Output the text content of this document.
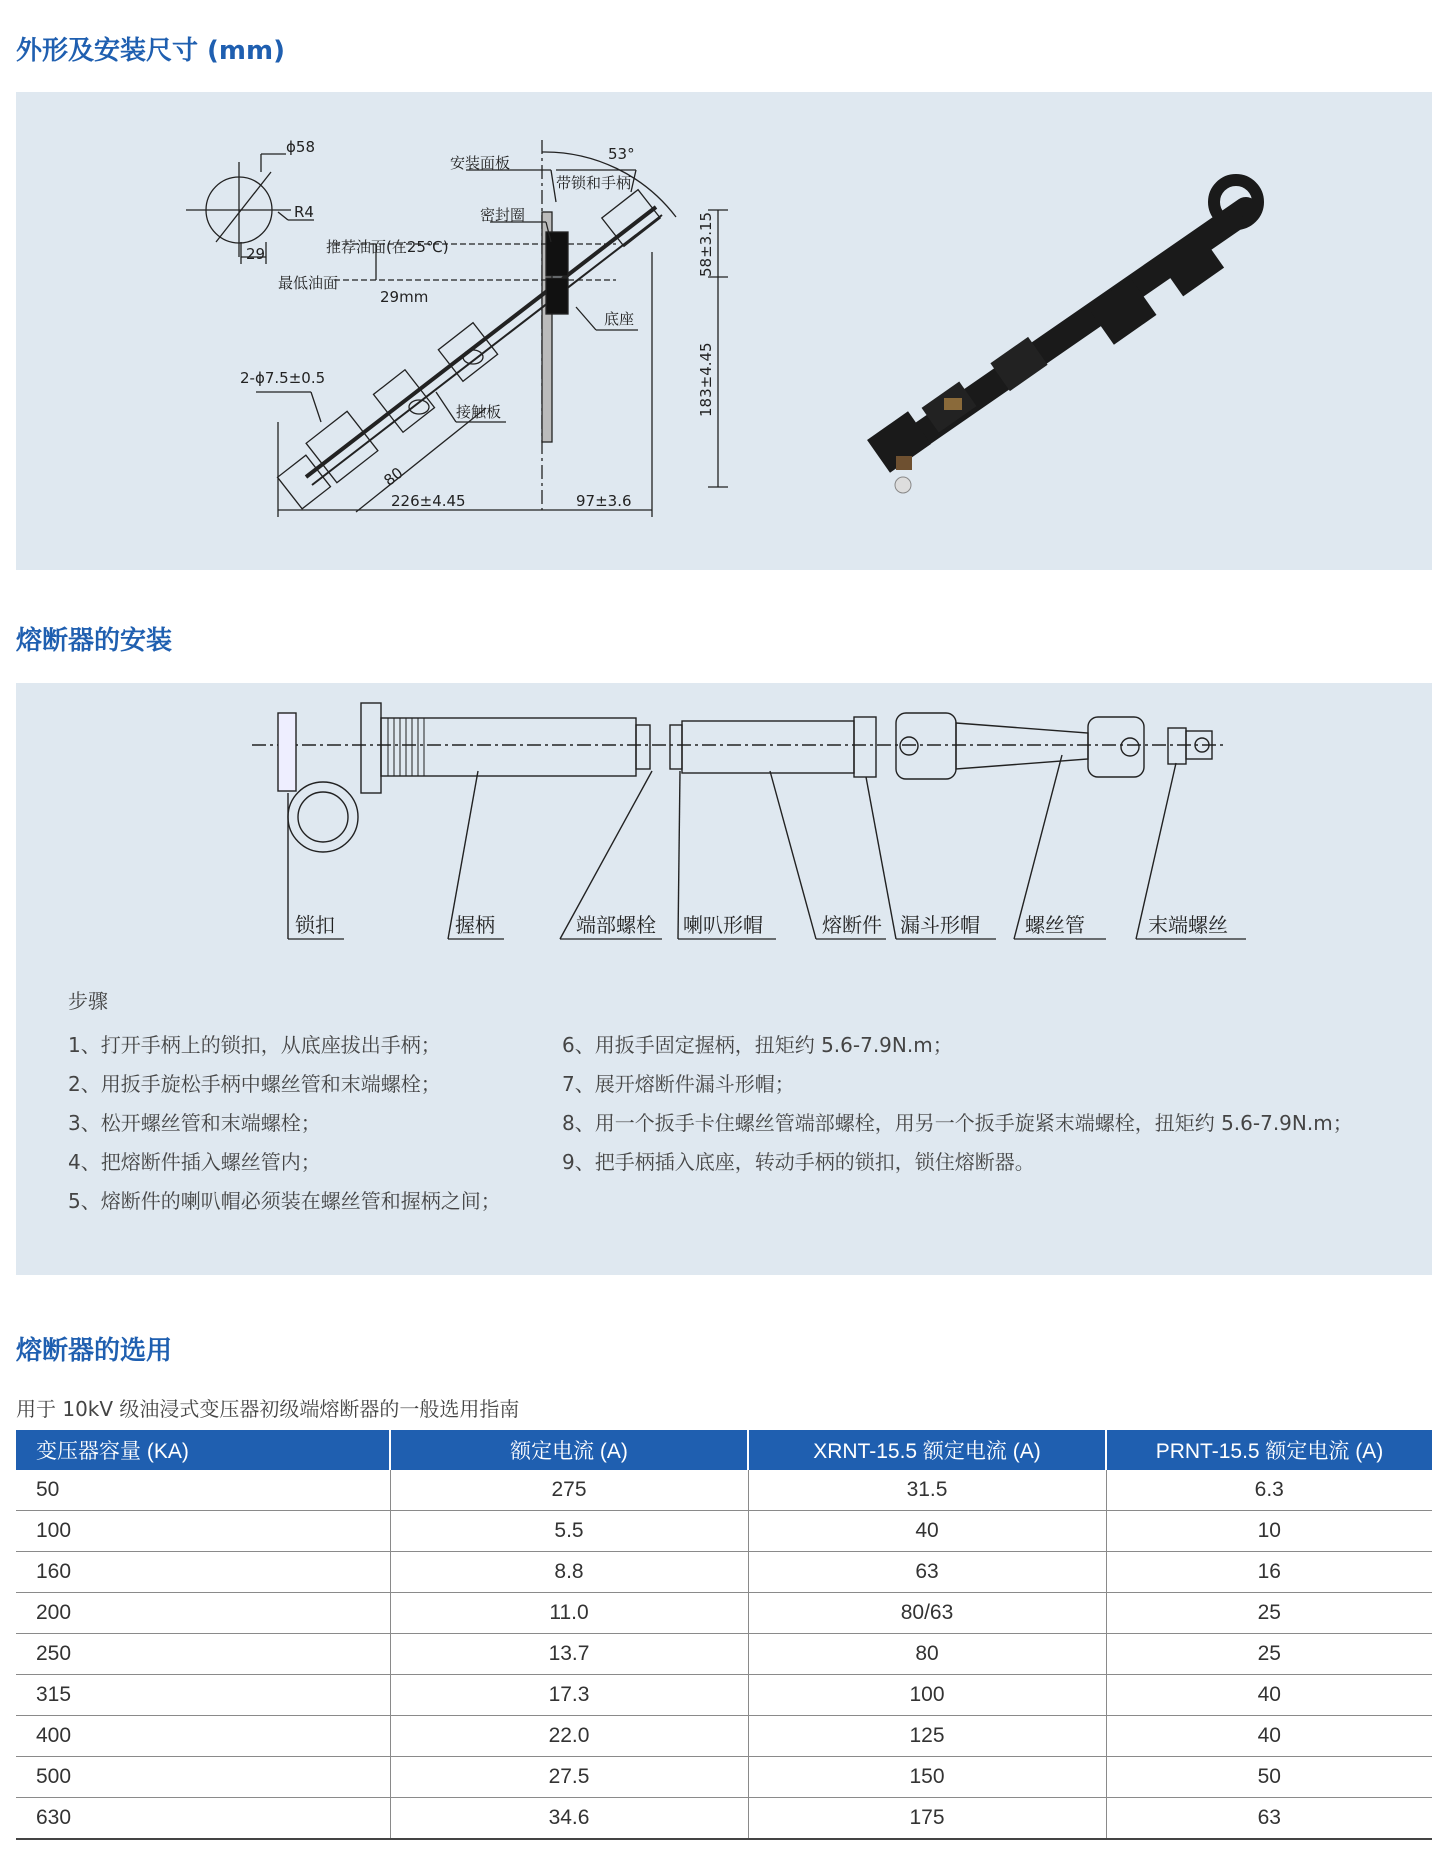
外形及安装尺寸 (mm)
ϕ58
R4
29
53°
安装面板
带锁和手柄
密封圈
推荐油面(在25℃)
最低油面
29mm
底座
2-ϕ7.5±0.5
接触板
80
226±4.45	97±3.6
58±3.15
183±4.45
熔断器的安装
锁扣	握柄	端部螺栓 喇叭形帽	熔断件 漏斗形帽 螺丝管	末端螺丝
步骤
1、打开手柄上的锁扣，从底座拔出手柄；
2、用扳手旋松手柄中螺丝管和末端螺栓；
3、松开螺丝管和末端螺栓；
4、把熔断件插入螺丝管内；
5、熔断件的喇叭帽必须装在螺丝管和握柄之间；
6、用扳手固定握柄，扭矩约 5.6-7.9N.m；
7、展开熔断件漏斗形帽；
8、用一个扳手卡住螺丝管端部螺栓，用另一个扳手旋紧末端螺栓，扭矩约 5.6-7.9N.m；
9、把手柄插入底座，转动手柄的锁扣，锁住熔断器。
熔断器的选用
用于 10kV 级油浸式变压器初级端熔断器的一般选用指南
变压器容量 (KA)	额定电流 (A)	XRNT-15.5 额定电流 (A)	PRNT-15.5 额定电流 (A)
50	275	31.5	6.3
100	5.5	40	10
160	8.8	63	16
200	11.0	80/63	25
250	13.7	80	25
315	17.3	100	40
400	22.0	125	40
500	27.5	150	50
630	34.6	175	63
